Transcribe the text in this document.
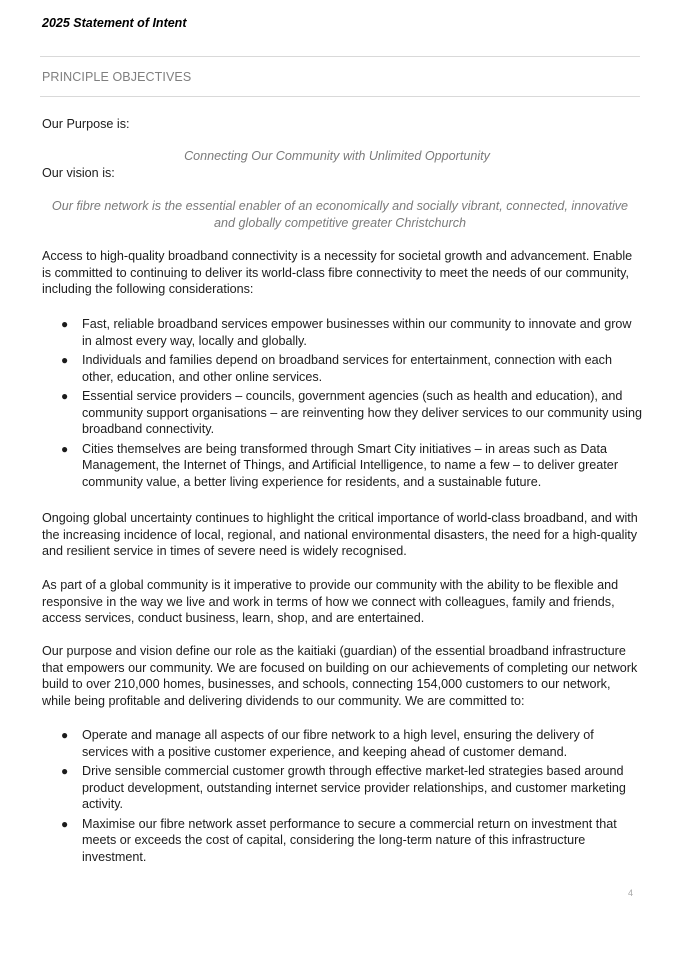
2025 Statement of Intent
PRINCIPLE OBJECTIVES
Our Purpose is:
Connecting Our Community with Unlimited Opportunity
Our vision is:
Our fibre network is the essential enabler of an economically and socially vibrant, connected, innovative
and globally competitive greater Christchurch
Access to high-quality broadband connectivity is a necessity for societal growth and advancement. Enable is committed to continuing to deliver its world-class fibre connectivity to meet the needs of our community, including the following considerations:
● Fast, reliable broadband services empower businesses within our community to innovate and grow in almost every way, locally and globally.
● Individuals and families depend on broadband services for entertainment, connection with each other, education, and other online services.
● Essential service providers – councils, government agencies (such as health and education), and community support organisations – are reinventing how they deliver services to our community using broadband connectivity.
● Cities themselves are being transformed through Smart City initiatives – in areas such as Data Management, the Internet of Things, and Artificial Intelligence, to name a few – to deliver greater community value, a better living experience for residents, and a sustainable future.
Ongoing global uncertainty continues to highlight the critical importance of world-class broadband, and with the increasing incidence of local, regional, and national environmental disasters, the need for a high-quality and resilient service in times of severe need is widely recognised.
As part of a global community is it imperative to provide our community with the ability to be flexible and responsive in the way we live and work in terms of how we connect with colleagues, family and friends, access services, conduct business, learn, shop, and are entertained.
Our purpose and vision define our role as the kaitiaki (guardian) of the essential broadband infrastructure that empowers our community. We are focused on building on our achievements of completing our network build to over 210,000 homes, businesses, and schools, connecting 154,000 customers to our network, while being profitable and delivering dividends to our community. We are committed to:
● Operate and manage all aspects of our fibre network to a high level, ensuring the delivery of services with a positive customer experience, and keeping ahead of customer demand.
● Drive sensible commercial customer growth through effective market-led strategies based around product development, outstanding internet service provider relationships, and customer marketing activity.
● Maximise our fibre network asset performance to secure a commercial return on investment that meets or exceeds the cost of capital, considering the long-term nature of this infrastructure investment.
4
